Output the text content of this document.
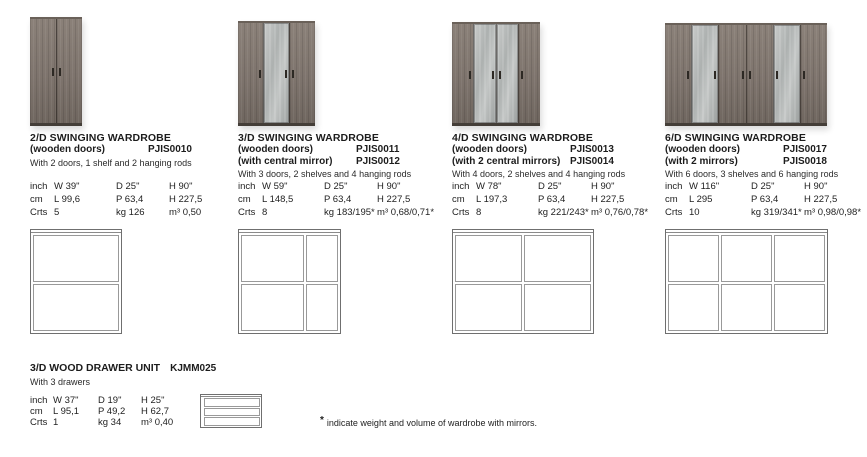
2/D SWINGING WARDROBE
(wooden doors)	PJIS0010
With 2 doors, 1 shelf and 2 hanging rods
inch W 39"	D 25"	H 90"
cm	L 99,6	P 63,4	H 227,5
Crts 5	kg 126	m³ 0,50
3/D SWINGING WARDROBE
(wooden doors)	PJIS0011
(with central mirror)	PJIS0012
With 3 doors, 2 shelves and 4 hanging rods
inch W 59"	D 25"	H 90"
cm	L 148,5	P 63,4	H 227,5
Crts 8	kg 183/195* m³ 0,68/0,71*
4/D SWINGING WARDROBE
(wooden doors)	PJIS0013
(with 2 central mirrors) PJIS0014
With 4 doors, 2 shelves and 4 hanging rods
inch W 78"	D 25"	H 90"
cm	L 197,3	P 63,4	H 227,5
Crts 8	kg 221/243* m³ 0,76/0,78*
6/D SWINGING WARDROBE
(wooden doors)	PJIS0017
(with 2 mirrors)	PJIS0018
With 6 doors, 3 shelves and 6 hanging rods
inch W 116"	D 25"	H 90"
cm	L 295	P 63,4	H 227,5
Crts 10	kg 319/341* m³ 0,98/0,98*
3/D WOOD DRAWER UNIT KJMM025
With 3 drawers
inch W 37"	D 19"	H 25"
cm	L 95,1	P 49,2	H 62,7
Crts 1	kg 34	m³ 0,40	* indicate weight and volume of wardrobe with mirrors.
